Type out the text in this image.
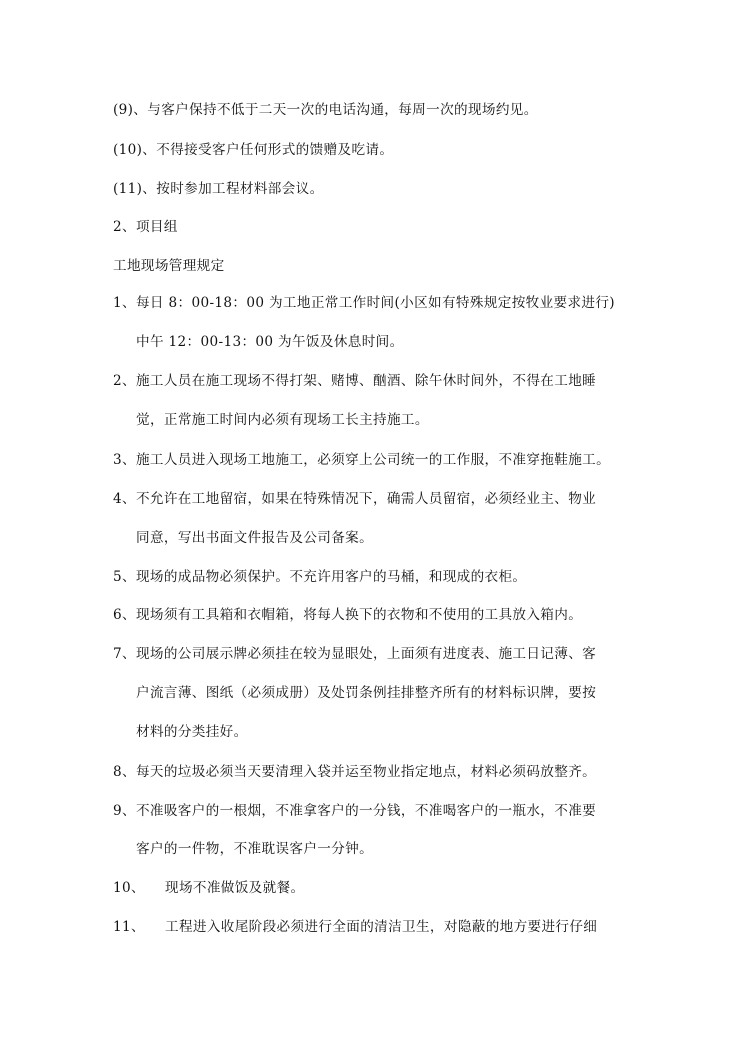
(9)、与客户保持不低于二天一次的电话沟通，每周一次的现场约见。
(10)、不得接受客户任何形式的馈赠及吃请。
(11)、按时参加工程材料部会议。
2、项目组
工地现场管理规定
1、每日 8：00-18：00 为工地正常工作时间(小区如有特殊规定按牧业要求进行)
中午 12：00-13：00 为午饭及休息时间。
2、施工人员在施工现场不得打架、赌博、酗酒、除午休时间外，不得在工地睡
觉，正常施工时间内必须有现场工长主持施工。
3、施工人员进入现场工地施工，必须穿上公司统一的工作服，不准穿拖鞋施工。
4、不允许在工地留宿，如果在特殊情况下，确需人员留宿，必须经业主、物业
同意，写出书面文件报告及公司备案。
5、现场的成品物必须保护。不充许用客户的马桶，和现成的衣柜。
6、现场须有工具箱和衣帽箱，将每人换下的衣物和不使用的工具放入箱内。
7、现场的公司展示牌必须挂在较为显眼处，上面须有进度表、施工日记薄、客
户流言薄、图纸（必须成册）及处罚条例挂排整齐所有的材料标识牌，要按
材料的分类挂好。
8、每天的垃圾必须当天要清理入袋并运至物业指定地点，材料必须码放整齐。
9、不准吸客户的一根烟，不准拿客户的一分钱，不准喝客户的一瓶水，不准要
客户的一件物，不准耽误客户一分钟。
10、 现场不准做饭及就餐。
11、 工程进入收尾阶段必须进行全面的清洁卫生，对隐蔽的地方要进行仔细
